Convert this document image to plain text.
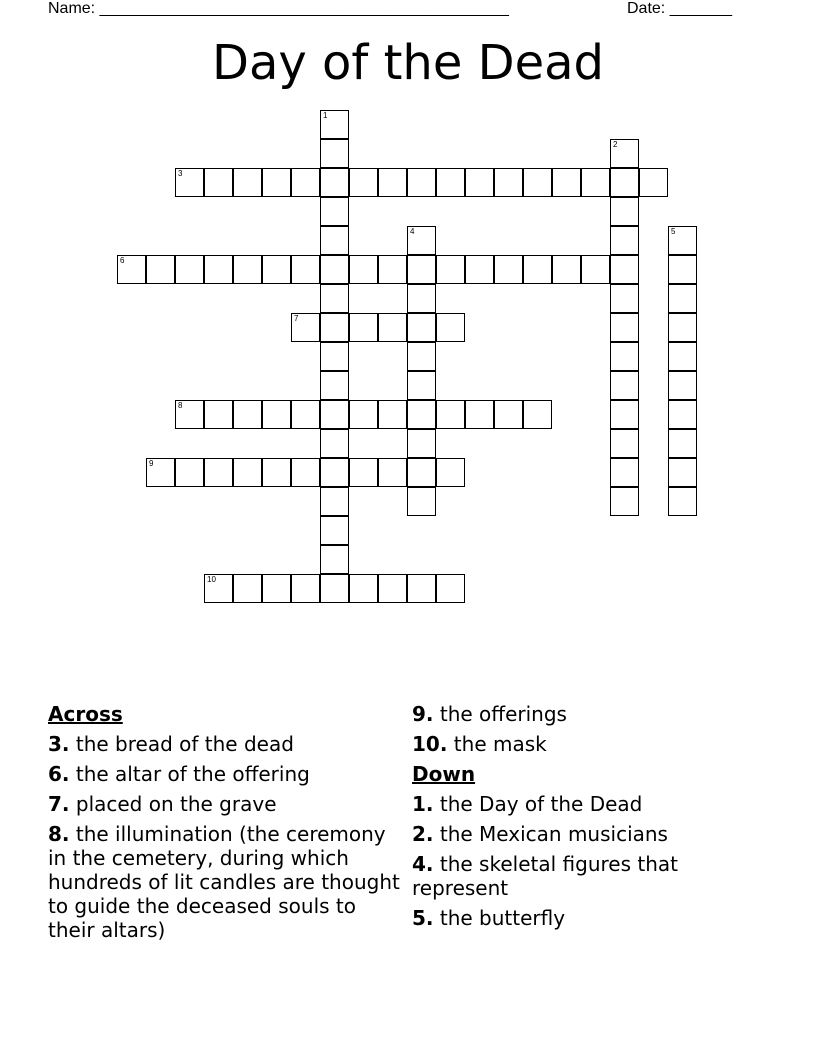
Name: ______________________________________________	Date: _______
Day of the Dead
1
2
3
4	5
6
7
8
9
10
Across
3. the bread of the dead
6. the altar of the offering
7. placed on the grave
8. the illumination (the ceremony in the cemetery, during which hundreds of lit candles are thought to guide the deceased souls to their altars)
9. the offerings
10. the mask
Down
1. the Day of the Dead
2. the Mexican musicians
4. the skeletal figures that represent
5. the butterfly
